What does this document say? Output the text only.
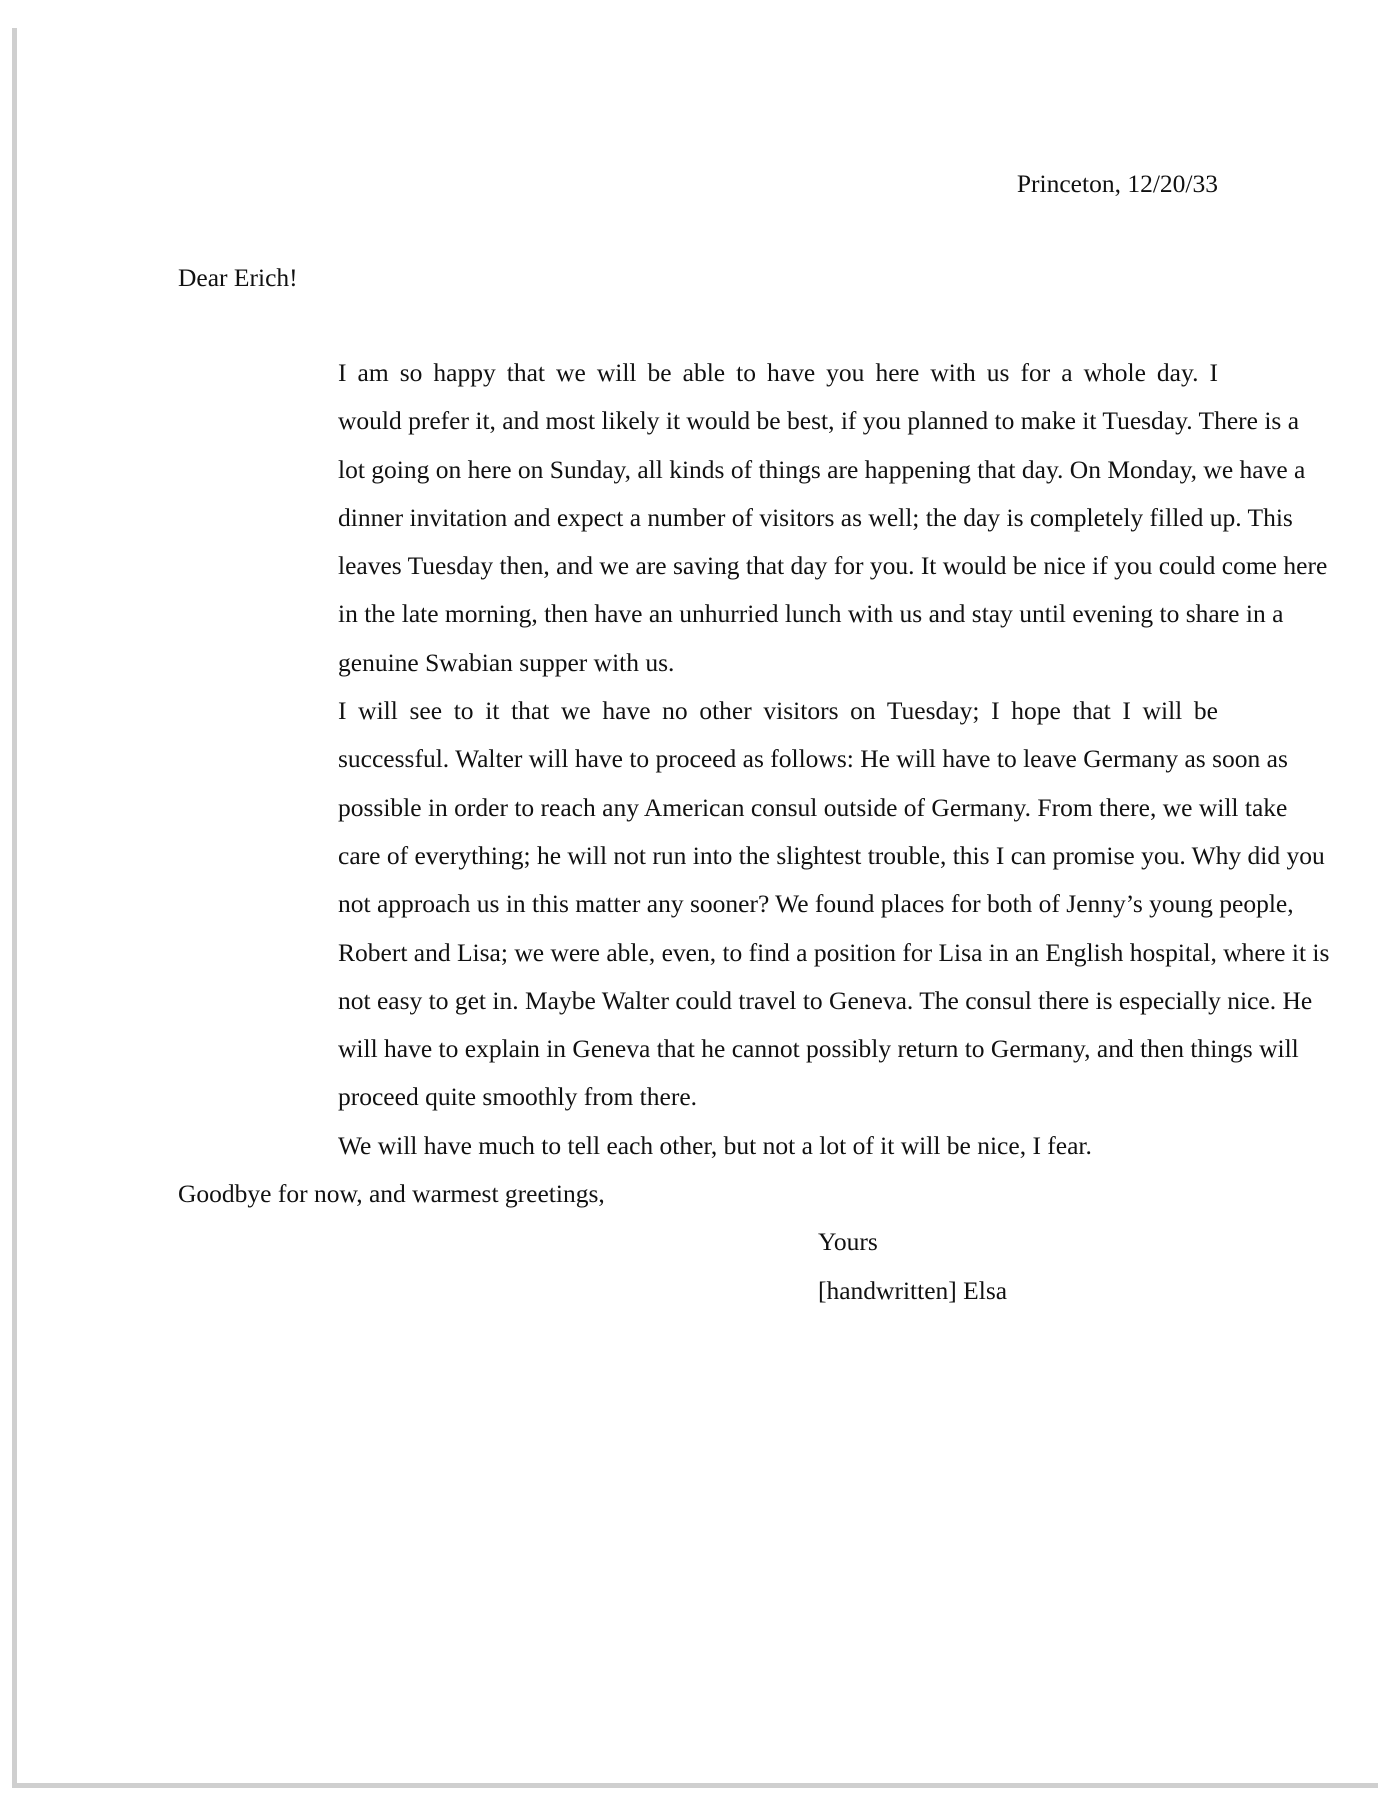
Princeton, 12/20/33

Dear Erich!

I am so happy that we will be able to have you here with us for a whole day. I
would prefer it, and most likely it would be best, if you planned to make it Tuesday. There is a
lot going on here on Sunday, all kinds of things are happening that day. On Monday, we have a
dinner invitation and expect a number of visitors as well; the day is completely filled up. This
leaves Tuesday then, and we are saving that day for you. It would be nice if you could come here
in the late morning, then have an unhurried lunch with us and stay until evening to share in a
genuine Swabian supper with us.

I will see to it that we have no other visitors on Tuesday; I hope that I will be
successful. Walter will have to proceed as follows: He will have to leave Germany as soon as
possible in order to reach any American consul outside of Germany. From there, we will take
care of everything; he will not run into the slightest trouble, this I can promise you. Why did you
not approach us in this matter any sooner? We found places for both of Jenny’s young people,
Robert and Lisa; we were able, even, to find a position for Lisa in an English hospital, where it is
not easy to get in. Maybe Walter could travel to Geneva. The consul there is especially nice. He
will have to explain in Geneva that he cannot possibly return to Germany, and then things will
proceed quite smoothly from there.

We will have much to tell each other, but not a lot of it will be nice, I fear.
Goodbye for now, and warmest greetings,

Yours
[handwritten] Elsa
